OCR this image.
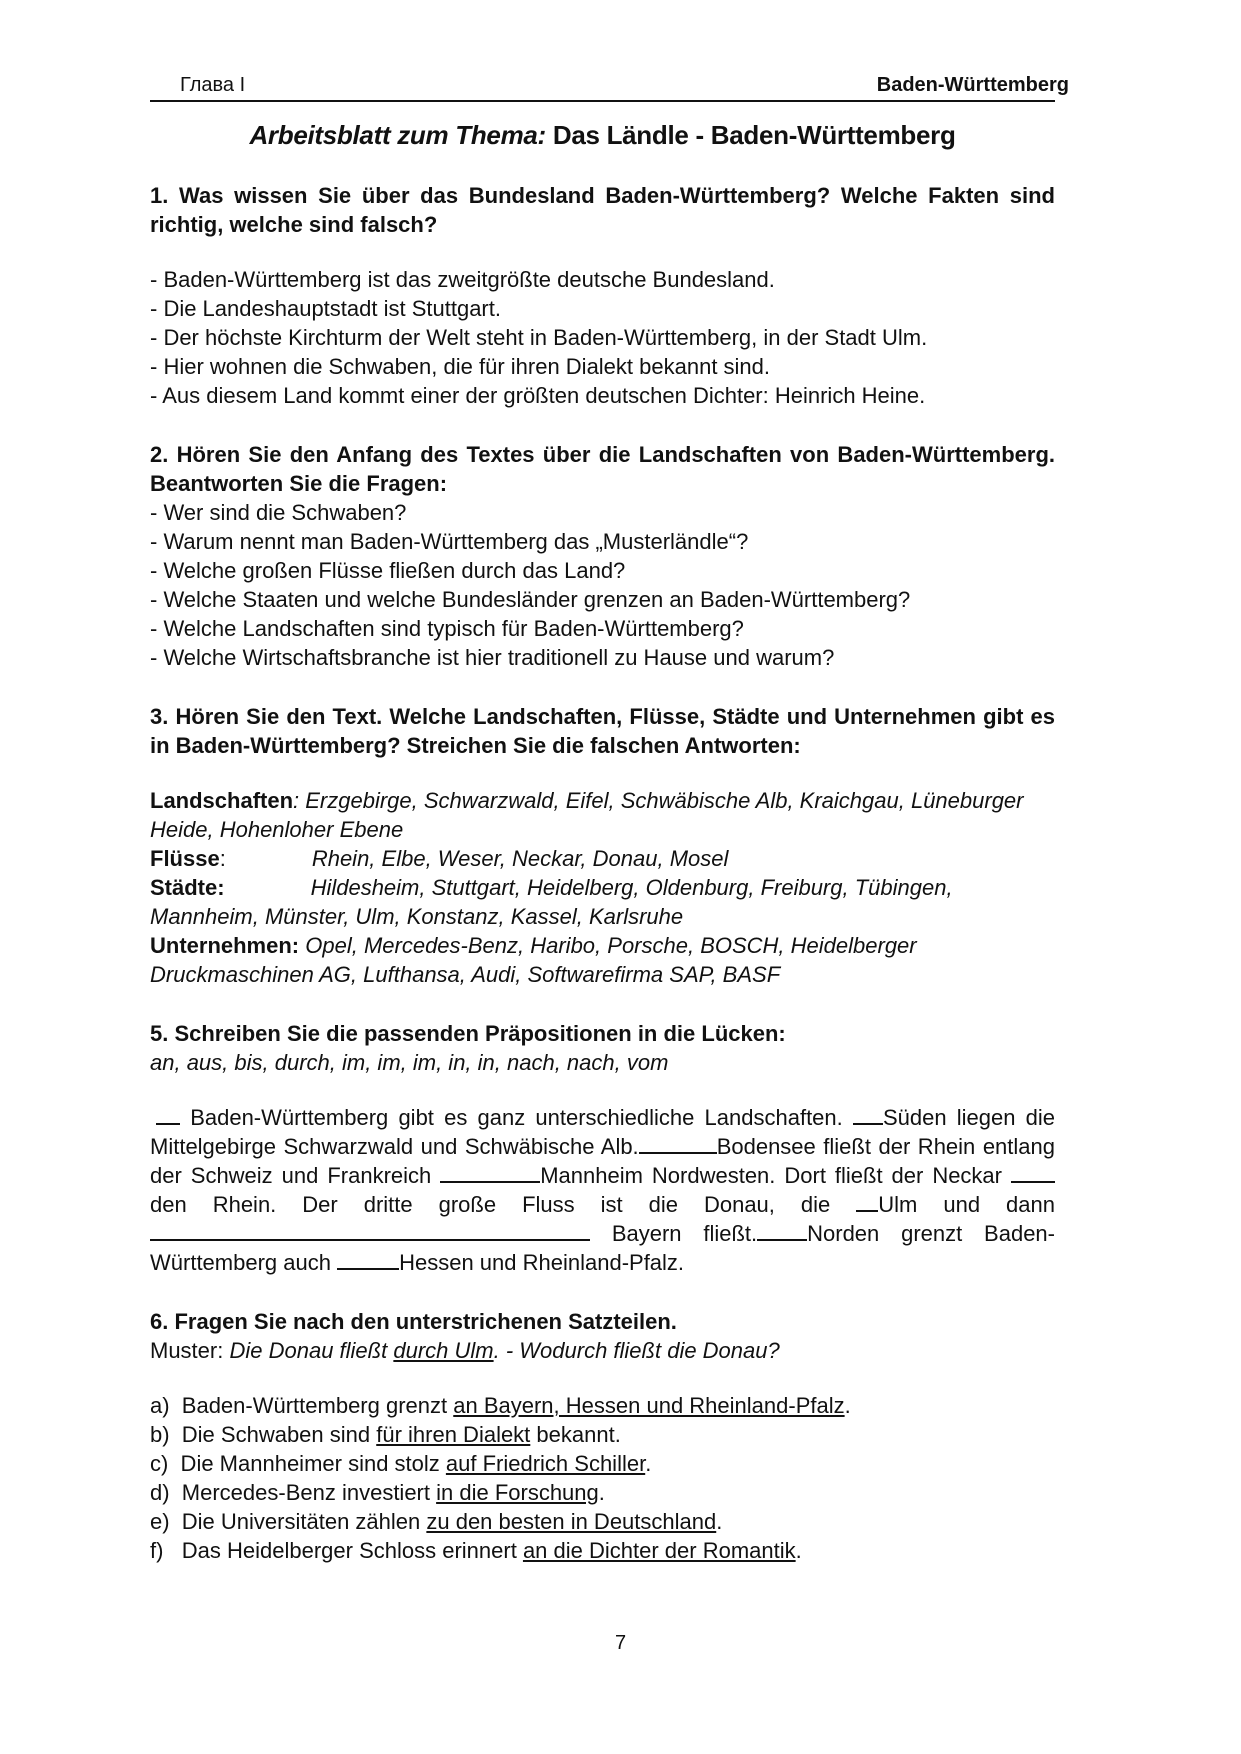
Глава I	Baden-Württemberg
Arbeitsblatt zum Thema: Das Ländle - Baden-Württemberg
1. Was wissen Sie über das Bundesland Baden-Württemberg? Welche Fakten sind richtig, welche sind falsch?
- Baden-Württemberg ist das zweitgrößte deutsche Bundesland.
- Die Landeshauptstadt ist Stuttgart.
- Der höchste Kirchturm der Welt steht in Baden-Württemberg, in der Stadt Ulm.
- Hier wohnen die Schwaben, die für ihren Dialekt bekannt sind.
- Aus diesem Land kommt einer der größten deutschen Dichter: Heinrich Heine.
2. Hören Sie den Anfang des Textes über die Landschaften von Baden-Württemberg. Beantworten Sie die Fragen:
- Wer sind die Schwaben?
- Warum nennt man Baden-Württemberg das „Musterländle“?
- Welche großen Flüsse fließen durch das Land?
- Welche Staaten und welche Bundesländer grenzen an Baden-Württemberg?
- Welche Landschaften sind typisch für Baden-Württemberg?
- Welche Wirtschaftsbranche ist hier traditionell zu Hause und warum?
3. Hören Sie den Text. Welche Landschaften, Flüsse, Städte und Unternehmen gibt es in Baden-Württemberg? Streichen Sie die falschen Antworten:
Landschaften: Erzgebirge, Schwarzwald, Eifel, Schwäbische Alb, Kraichgau, Lüneburger Heide, Hohenloher Ebene
Flüsse:	Rhein, Elbe, Weser, Neckar, Donau, Mosel
Städte:	Hildesheim, Stuttgart, Heidelberg, Oldenburg, Freiburg, Tübingen, Mannheim, Münster, Ulm, Konstanz, Kassel, Karlsruhe
Unternehmen: Opel, Mercedes-Benz, Haribo, Porsche, BOSCH, Heidelberger Druckmaschinen AG, Lufthansa, Audi, Softwarefirma SAP, BASF
5. Schreiben Sie die passenden Präpositionen in die Lücken:
an, aus, bis, durch, im, im, im, in, in, nach, nach, vom
Baden-Württemberg gibt es ganz unterschiedliche Landschaften. Süden liegen die Mittelgebirge Schwarzwald und Schwäbische Alb.	Bodensee fließt der Rhein entlang der Schweiz und Frankreich	Mannheim Nordwesten. Dort fließt der Neckar den Rhein. Der dritte große Fluss ist die Donau, die Ulm und dann  Bayern fließt. Norden grenzt Baden-Württemberg auch	Hessen und Rheinland-Pfalz.
6. Fragen Sie nach den unterstrichenen Satzteilen.
Muster: Die Donau fließt durch Ulm. - Wodurch fließt die Donau?
a)  Baden-Württemberg grenzt an Bayern, Hessen und Rheinland-Pfalz.
b)  Die Schwaben sind für ihren Dialekt bekannt.
c)  Die Mannheimer sind stolz auf Friedrich Schiller.
d)  Mercedes-Benz investiert in die Forschung.
e)  Die Universitäten zählen zu den besten in Deutschland.
f)   Das Heidelberger Schloss erinnert an die Dichter der Romantik.
7
